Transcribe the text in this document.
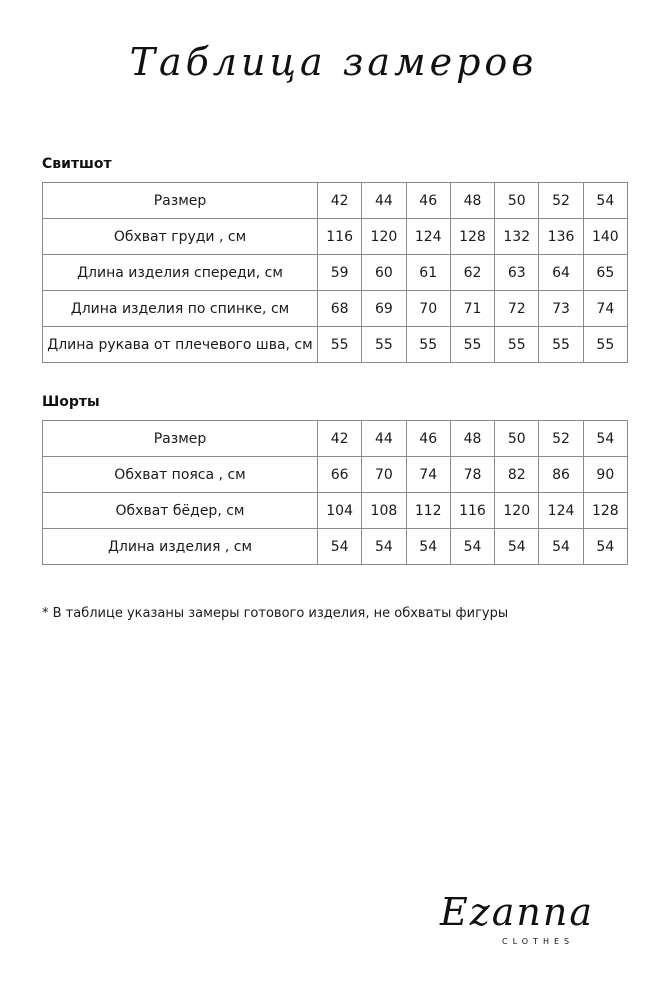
Таблица замеров
Свитшот
Размер	42	44	46	48	50	52	54
Обхват груди , см	116	120	124	128	132	136	140
Длина изделия спереди, см	59	60	61	62	63	64	65
Длина изделия по спинке, см	68	69	70	71	72	73	74
Длина рукава от плечевого шва, см	55	55	55	55	55	55	55
Шорты
Размер	42	44	46	48	50	52	54
Обхват пояса , см	66	70	74	78	82	86	90
Обхват бёдер, см	104	108	112	116	120	124	128
Длина изделия , см	54	54	54	54	54	54	54
* В таблице указаны замеры готового изделия, не обхваты фигуры
Ezanna
CLOTHES
